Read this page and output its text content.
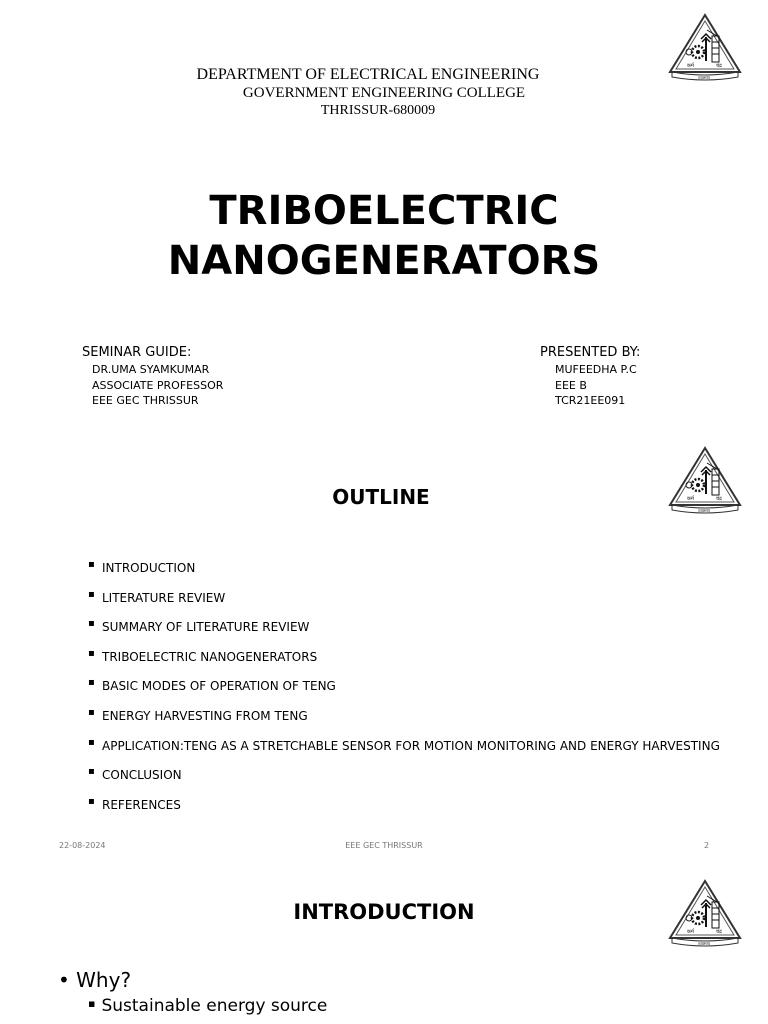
कर्म	चंद्र
व्यवसाय
DEPARTMENT OF ELECTRICAL ENGINEERING
GOVERNMENT ENGINEERING COLLEGE
THRISSUR-680009
TRIBOELECTRIC
NANOGENERATORS
SEMINAR GUIDE:
DR.UMA SYAMKUMAR
ASSOCIATE PROFESSOR
EEE GEC THRISSUR
PRESENTED BY:
MUFEEDHA P.C
EEE B
TCR21EE091
कर्म	चंद्र
व्यवसाय
OUTLINE
▪ INTRODUCTION
▪ LITERATURE REVIEW
▪ SUMMARY OF LITERATURE REVIEW
▪ TRIBOELECTRIC NANOGENERATORS
▪ BASIC MODES OF OPERATION OF TENG
▪ ENERGY HARVESTING FROM TENG
▪ APPLICATION:TENG AS A STRETCHABLE SENSOR FOR MOTION MONITORING AND ENERGY HARVESTING
▪ CONCLUSION
▪ REFERENCES
22-08-2024	EEE GEC THRISSUR	2
कर्म	चंद्र
व्यवसाय
INTRODUCTION
• Why?
▪ Sustainable energy source
